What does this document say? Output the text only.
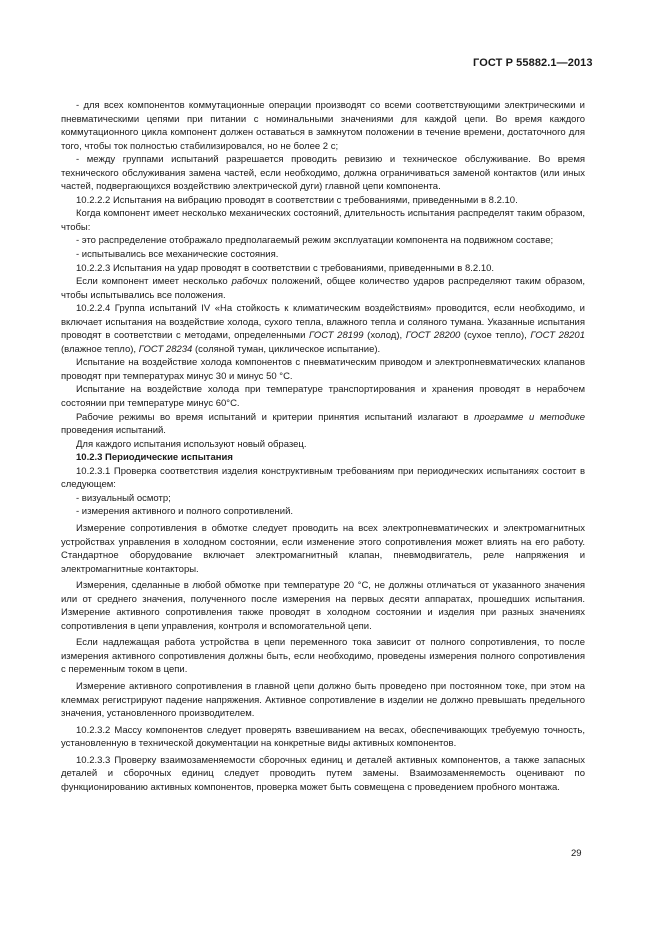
ГОСТ Р 55882.1—2013

- для всех компонентов коммутационные операции производят со всеми соответствующими электрическими и пневматическими цепями при питании с номинальными значениями для каждой цепи. Во время каждого коммутационного цикла компонент должен оставаться в замкнутом положении в течение времени, достаточного для того, чтобы ток полностью стабилизировался, но не более 2 с;

- между группами испытаний разрешается проводить ревизию и техническое обслуживание. Во время технического обслуживания замена частей, если необходимо, должна ограничиваться заменой контактов (или иных частей, подвергающихся воздействию электрической дуги) главной цепи компонента.

10.2.2.2 Испытания на вибрацию проводят в соответствии с требованиями, приведенными в 8.2.10.

Когда компонент имеет несколько механических состояний, длительность испытания распределят таким образом, чтобы:

- это распределение отображало предполагаемый режим эксплуатации компонента на подвижном составе;

- испытывались все механические состояния.

10.2.2.3 Испытания на удар проводят в соответствии с требованиями, приведенными в 8.2.10.

Если компонент имеет несколько рабочих положений, общее количество ударов распределяют таким образом, чтобы испытывались все положения.

10.2.2.4 Группа испытаний IV «На стойкость к климатическим воздействиям» проводится, если необходимо, и включает испытания на воздействие холода, сухого тепла, влажного тепла и соляного тумана. Указанные испытания проводят в соответствии с методами, определенными ГОСТ 28199 (холод), ГОСТ 28200 (сухое тепло), ГОСТ 28201 (влажное тепло), ГОСТ 28234 (соляной туман, циклическое испытание).

Испытание на воздействие холода компонентов с пневматическим приводом и электропневматических клапанов проводят при температурах минус 30 и минус 50 °С.

Испытание на воздействие холода при температуре транспортирования и хранения проводят в нерабочем состоянии при температуре минус 60°С.

Рабочие режимы во время испытаний и критерии принятия испытаний излагают в программе и методике проведения испытаний.

Для каждого испытания используют новый образец.

10.2.3 Периодические испытания

10.2.3.1 Проверка соответствия изделия конструктивным требованиям при периодических испытаниях состоит в следующем:

- визуальный осмотр;

- измерения активного и полного сопротивлений.

Измерение сопротивления в обмотке следует проводить на всех электропневматических и электромагнитных устройствах управления в холодном состоянии, если изменение этого сопротивления может влиять на его работу. Стандартное оборудование включает электромагнитный клапан, пневмодвигатель, реле напряжения и электромагнитные контакторы.

Измерения, сделанные в любой обмотке при температуре 20 °С, не должны отличаться от указанного значения или от среднего значения, полученного после измерения на первых десяти аппаратах, прошедших испытания. Измерение активного сопротивления также проводят в холодном состоянии и изделия при разных значениях сопротивления в цепи управления, контроля и вспомогательной цепи.

Если надлежащая работа устройства в цепи переменного тока зависит от полного сопротивления, то после измерения активного сопротивления должны быть, если необходимо, проведены измерения полного сопротивления с переменным током в цепи.

Измерение активного сопротивления в главной цепи должно быть проведено при постоянном токе, при этом на клеммах регистрируют падение напряжения. Активное сопротивление в изделии не должно превышать предельного значения, установленного производителем.

10.2.3.2 Массу компонентов следует проверять взвешиванием на весах, обеспечивающих требуемую точность, установленную в технической документации на конкретные виды активных компонентов.

10.2.3.3 Проверку взаимозаменяемости сборочных единиц и деталей активных компонентов, а также запасных деталей и сборочных единиц следует проводить путем замены. Взаимозаменяемость оценивают по функционированию активных компонентов, проверка может быть совмещена с проведением пробного монтажа.

29
